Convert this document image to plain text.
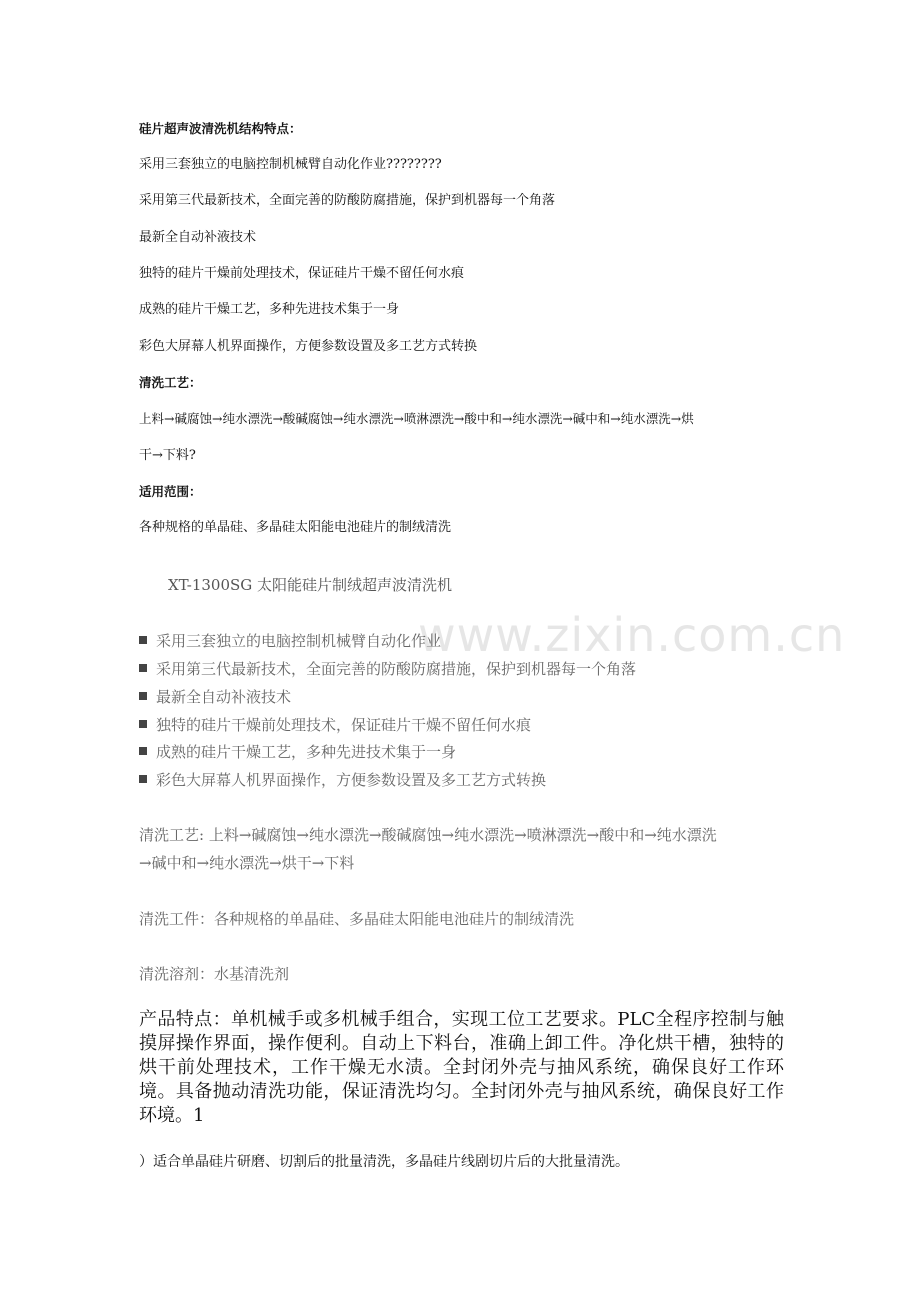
www.zixin.com.cn
硅片超声波清洗机结构特点：
采用三套独立的电脑控制机械臂自动化作业????????
采用第三代最新技术，全面完善的防酸防腐措施，保护到机器每一个角落
最新全自动补液技术
独特的硅片干燥前处理技术，保证硅片干燥不留任何水痕
成熟的硅片干燥工艺，多种先进技术集于一身
彩色大屏幕人机界面操作，方便参数设置及多工艺方式转换
清洗工艺：
上料→碱腐蚀→纯水漂洗→酸碱腐蚀→纯水漂洗→喷淋漂洗→酸中和→纯水漂洗→碱中和→纯水漂洗→烘
干→下料?
适用范围：
各种规格的单晶硅、多晶硅太阳能电池硅片的制绒清洗
XT-1300SG 太阳能硅片制绒超声波清洗机
采用三套独立的电脑控制机械臂自动化作业
采用第三代最新技术，全面完善的防酸防腐措施，保护到机器每一个角落
最新全自动补液技术
独特的硅片干燥前处理技术，保证硅片干燥不留任何水痕
成熟的硅片干燥工艺，多种先进技术集于一身
彩色大屏幕人机界面操作，方便参数设置及多工艺方式转换
清洗工艺: 上料→碱腐蚀→纯水漂洗→酸碱腐蚀→纯水漂洗→喷淋漂洗→酸中和→纯水漂洗
→碱中和→纯水漂洗→烘干→下料
清洗工件：各种规格的单晶硅、多晶硅太阳能电池硅片的制绒清洗
清洗溶剂：水基清洗剂
产品特点：单机械手或多机械手组合，实现工位工艺要求。PLC全程序控制与触摸屏操作界面，操作便利。自动上下料台，准确上卸工件。净化烘干槽，独特的烘干前处理技术，工作干燥无水渍。全封闭外壳与抽风系统，确保良好工作环境。具备抛动清洗功能，保证清洗均匀。全封闭外壳与抽风系统，确保良好工作环境。1
）适合单晶硅片研磨、切割后的批量清洗，多晶硅片线剧切片后的大批量清洗。
